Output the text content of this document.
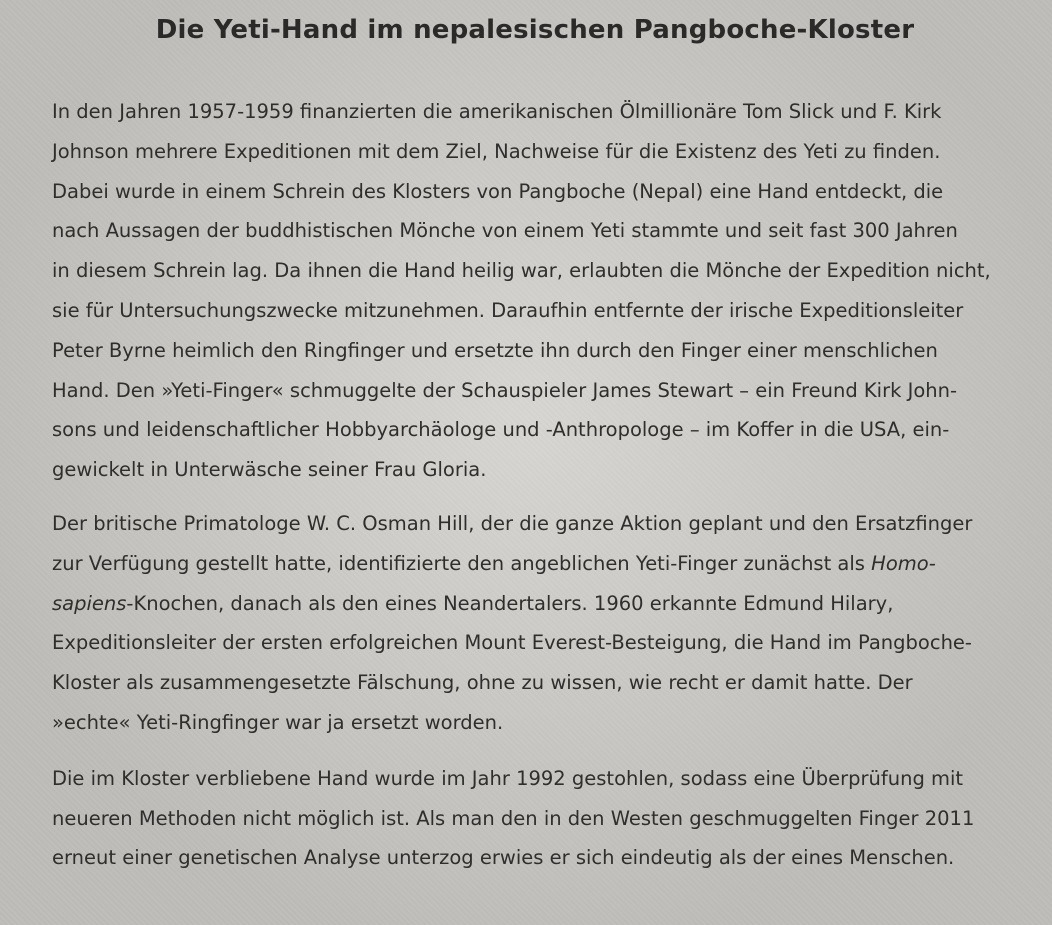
Die Yeti-Hand im nepalesischen Pangboche-Kloster

In den Jahren 1957-1959 finanzierten die amerikanischen Ölmillionäre Tom Slick und F. Kirk
Johnson mehrere Expeditionen mit dem Ziel, Nachweise für die Existenz des Yeti zu finden.
Dabei wurde in einem Schrein des Klosters von Pangboche (Nepal) eine Hand entdeckt, die
nach Aussagen der buddhistischen Mönche von einem Yeti stammte und seit fast 300 Jahren
in diesem Schrein lag. Da ihnen die Hand heilig war, erlaubten die Mönche der Expedition nicht,
sie für Untersuchungszwecke mitzunehmen. Daraufhin entfernte der irische Expeditionsleiter
Peter Byrne heimlich den Ringfinger und ersetzte ihn durch den Finger einer menschlichen
Hand. Den »Yeti-Finger« schmuggelte der Schauspieler James Stewart – ein Freund Kirk John-
sons und leidenschaftlicher Hobbyarchäologe und -Anthropologe – im Koffer in die USA, ein-
gewickelt in Unterwäsche seiner Frau Gloria.

Der britische Primatologe W. C. Osman Hill, der die ganze Aktion geplant und den Ersatzfinger
zur Verfügung gestellt hatte, identifizierte den angeblichen Yeti-Finger zunächst als Homo-
sapiens-Knochen, danach als den eines Neandertalers. 1960 erkannte Edmund Hilary,
Expeditionsleiter der ersten erfolgreichen Mount Everest-Besteigung, die Hand im Pangboche-
Kloster als zusammengesetzte Fälschung, ohne zu wissen, wie recht er damit hatte. Der
»echte« Yeti-Ringfinger war ja ersetzt worden.

Die im Kloster verbliebene Hand wurde im Jahr 1992 gestohlen, sodass eine Überprüfung mit
neueren Methoden nicht möglich ist. Als man den in den Westen geschmuggelten Finger 2011
erneut einer genetischen Analyse unterzog erwies er sich eindeutig als der eines Menschen.
